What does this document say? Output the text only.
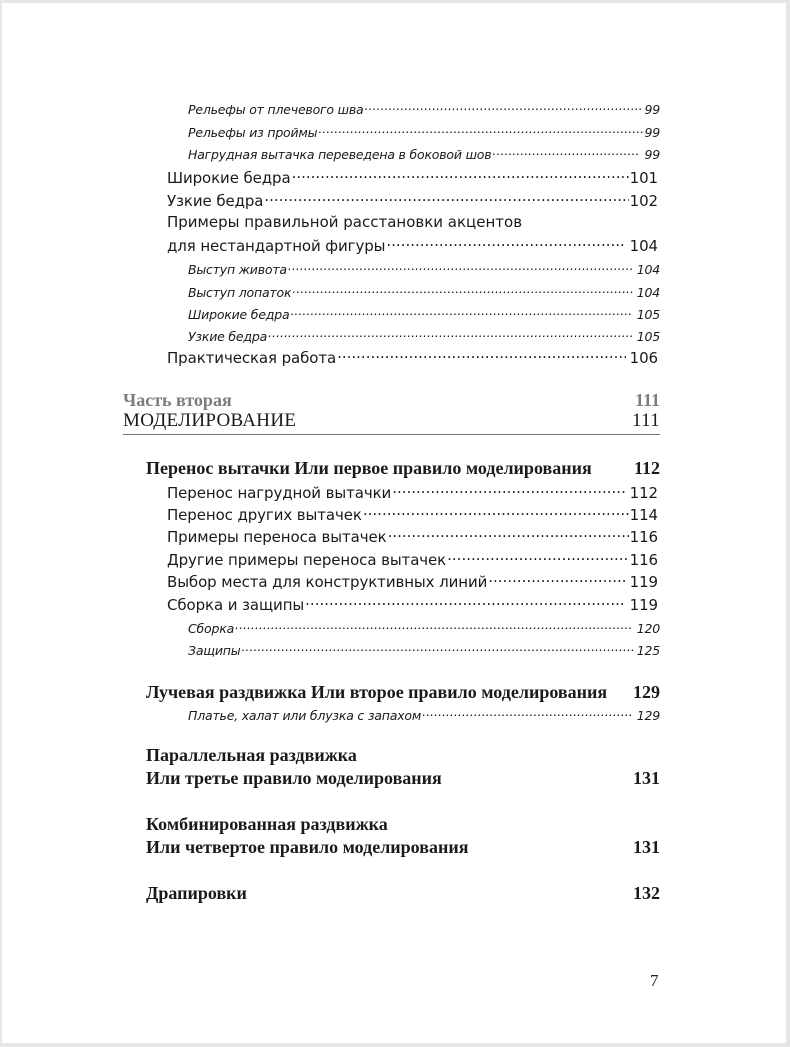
Рельефы от плечевого шва .....	99
Рельефы из проймы .....	99
Нагрудная вытачка переведена в боковой шов .....	99
Широкие бедра .....	101
Узкие бедра .....	102
Примеры правильной расстановки акцентов
для нестандартной фигуры .....	104
Выступ живота .....	104
Выступ лопаток .....	104
Широкие бедра .....	105
Узкие бедра .....	105
Практическая работа .....	106
Часть вторая	111
МОДЕЛИРОВАНИЕ	111
Перенос вытачки Или первое правило моделирования 112
Перенос нагрудной вытачки .....	112
Перенос других вытачек .....	114
Примеры переноса вытачек .....	116
Другие примеры переноса вытачек .....	116
Выбор места для конструктивных линий .....	119
Сборка и защипы .....	119
Сборка .....	120
Защипы .....	125
Лучевая раздвижка Или второе правило моделирования 129
Платье, халат или блузка с запахом .....	129
Параллельная раздвижка
Или третье правило моделирования	131
Комбинированная раздвижка
Или четвертое правило моделирования	131
Драпировки	132
7
